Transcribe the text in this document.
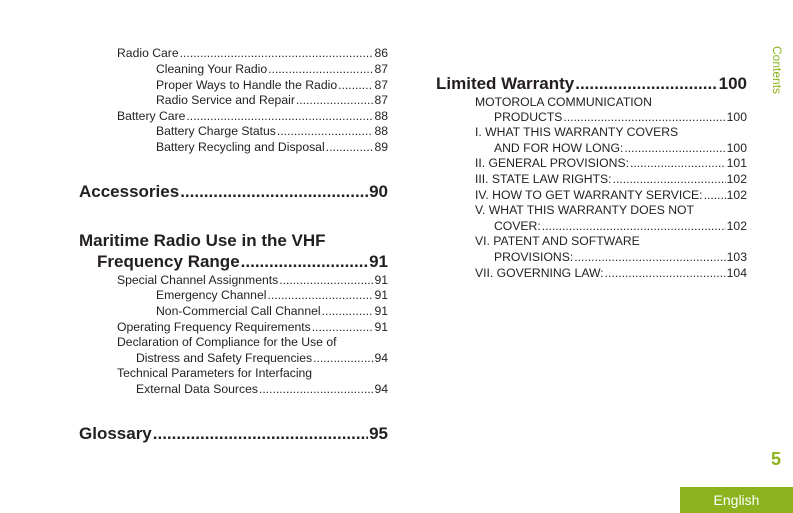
Radio Care .....	86
Cleaning Your Radio .....	87
Proper Ways to Handle the Radio .....	87
Radio Service and Repair .....	87
Battery Care .....	88
Battery Charge Status .....	88
Battery Recycling and Disposal .....	89
Accessories .....	90
Maritime Radio Use in the VHF
Frequency Range .....	91
Special Channel Assignments .....	91
Emergency Channel .....	91
Non-Commercial Call Channel .....	91
Operating Frequency Requirements .....	91
Declaration of Compliance for the Use of
Distress and Safety Frequencies .....	94
Technical Parameters for Interfacing
External Data Sources .....	94
Glossary .....	95
Limited Warranty .....	100
MOTOROLA COMMUNICATION
PRODUCTS .....	100
I. WHAT THIS WARRANTY COVERS
AND FOR HOW LONG: .....	100
II. GENERAL PROVISIONS: .....	101
III. STATE LAW RIGHTS: .....	102
IV. HOW TO GET WARRANTY SERVICE: ..... 102
V. WHAT THIS WARRANTY DOES NOT
COVER: .....	102
VI. PATENT AND SOFTWARE
PROVISIONS: .....	103
VII. GOVERNING LAW: .....	104
Contents
5
English
